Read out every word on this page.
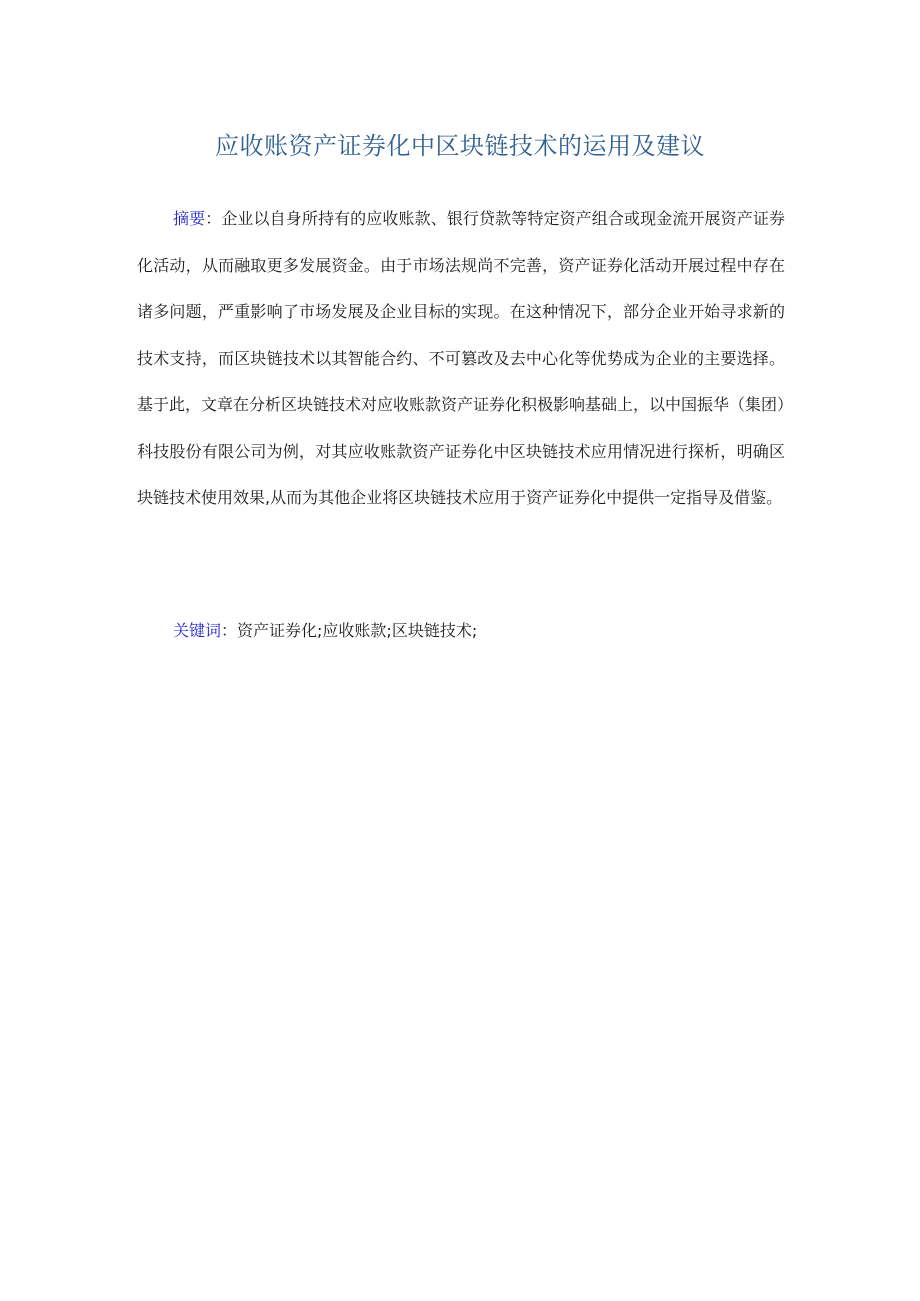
应收账资产证券化中区块链技术的运用及建议

摘要：企业以自身所持有的应收账款、银行贷款等特定资产组合或现金流开展资产证券化活动，从而融取更多发展资金。由于市场法规尚不完善，资产证券化活动开展过程中存在诸多问题，严重影响了市场发展及企业目标的实现。在这种情况下，部分企业开始寻求新的技术支持，而区块链技术以其智能合约、不可篡改及去中心化等优势成为企业的主要选择。基于此，文章在分析区块链技术对应收账款资产证券化积极影响基础上，以中国振华（集团）科技股份有限公司为例，对其应收账款资产证券化中区块链技术应用情况进行探析，明确区块链技术使用效果,从而为其他企业将区块链技术应用于资产证券化中提供一定指导及借鉴。

关键词：资产证券化;应收账款;区块链技术;
